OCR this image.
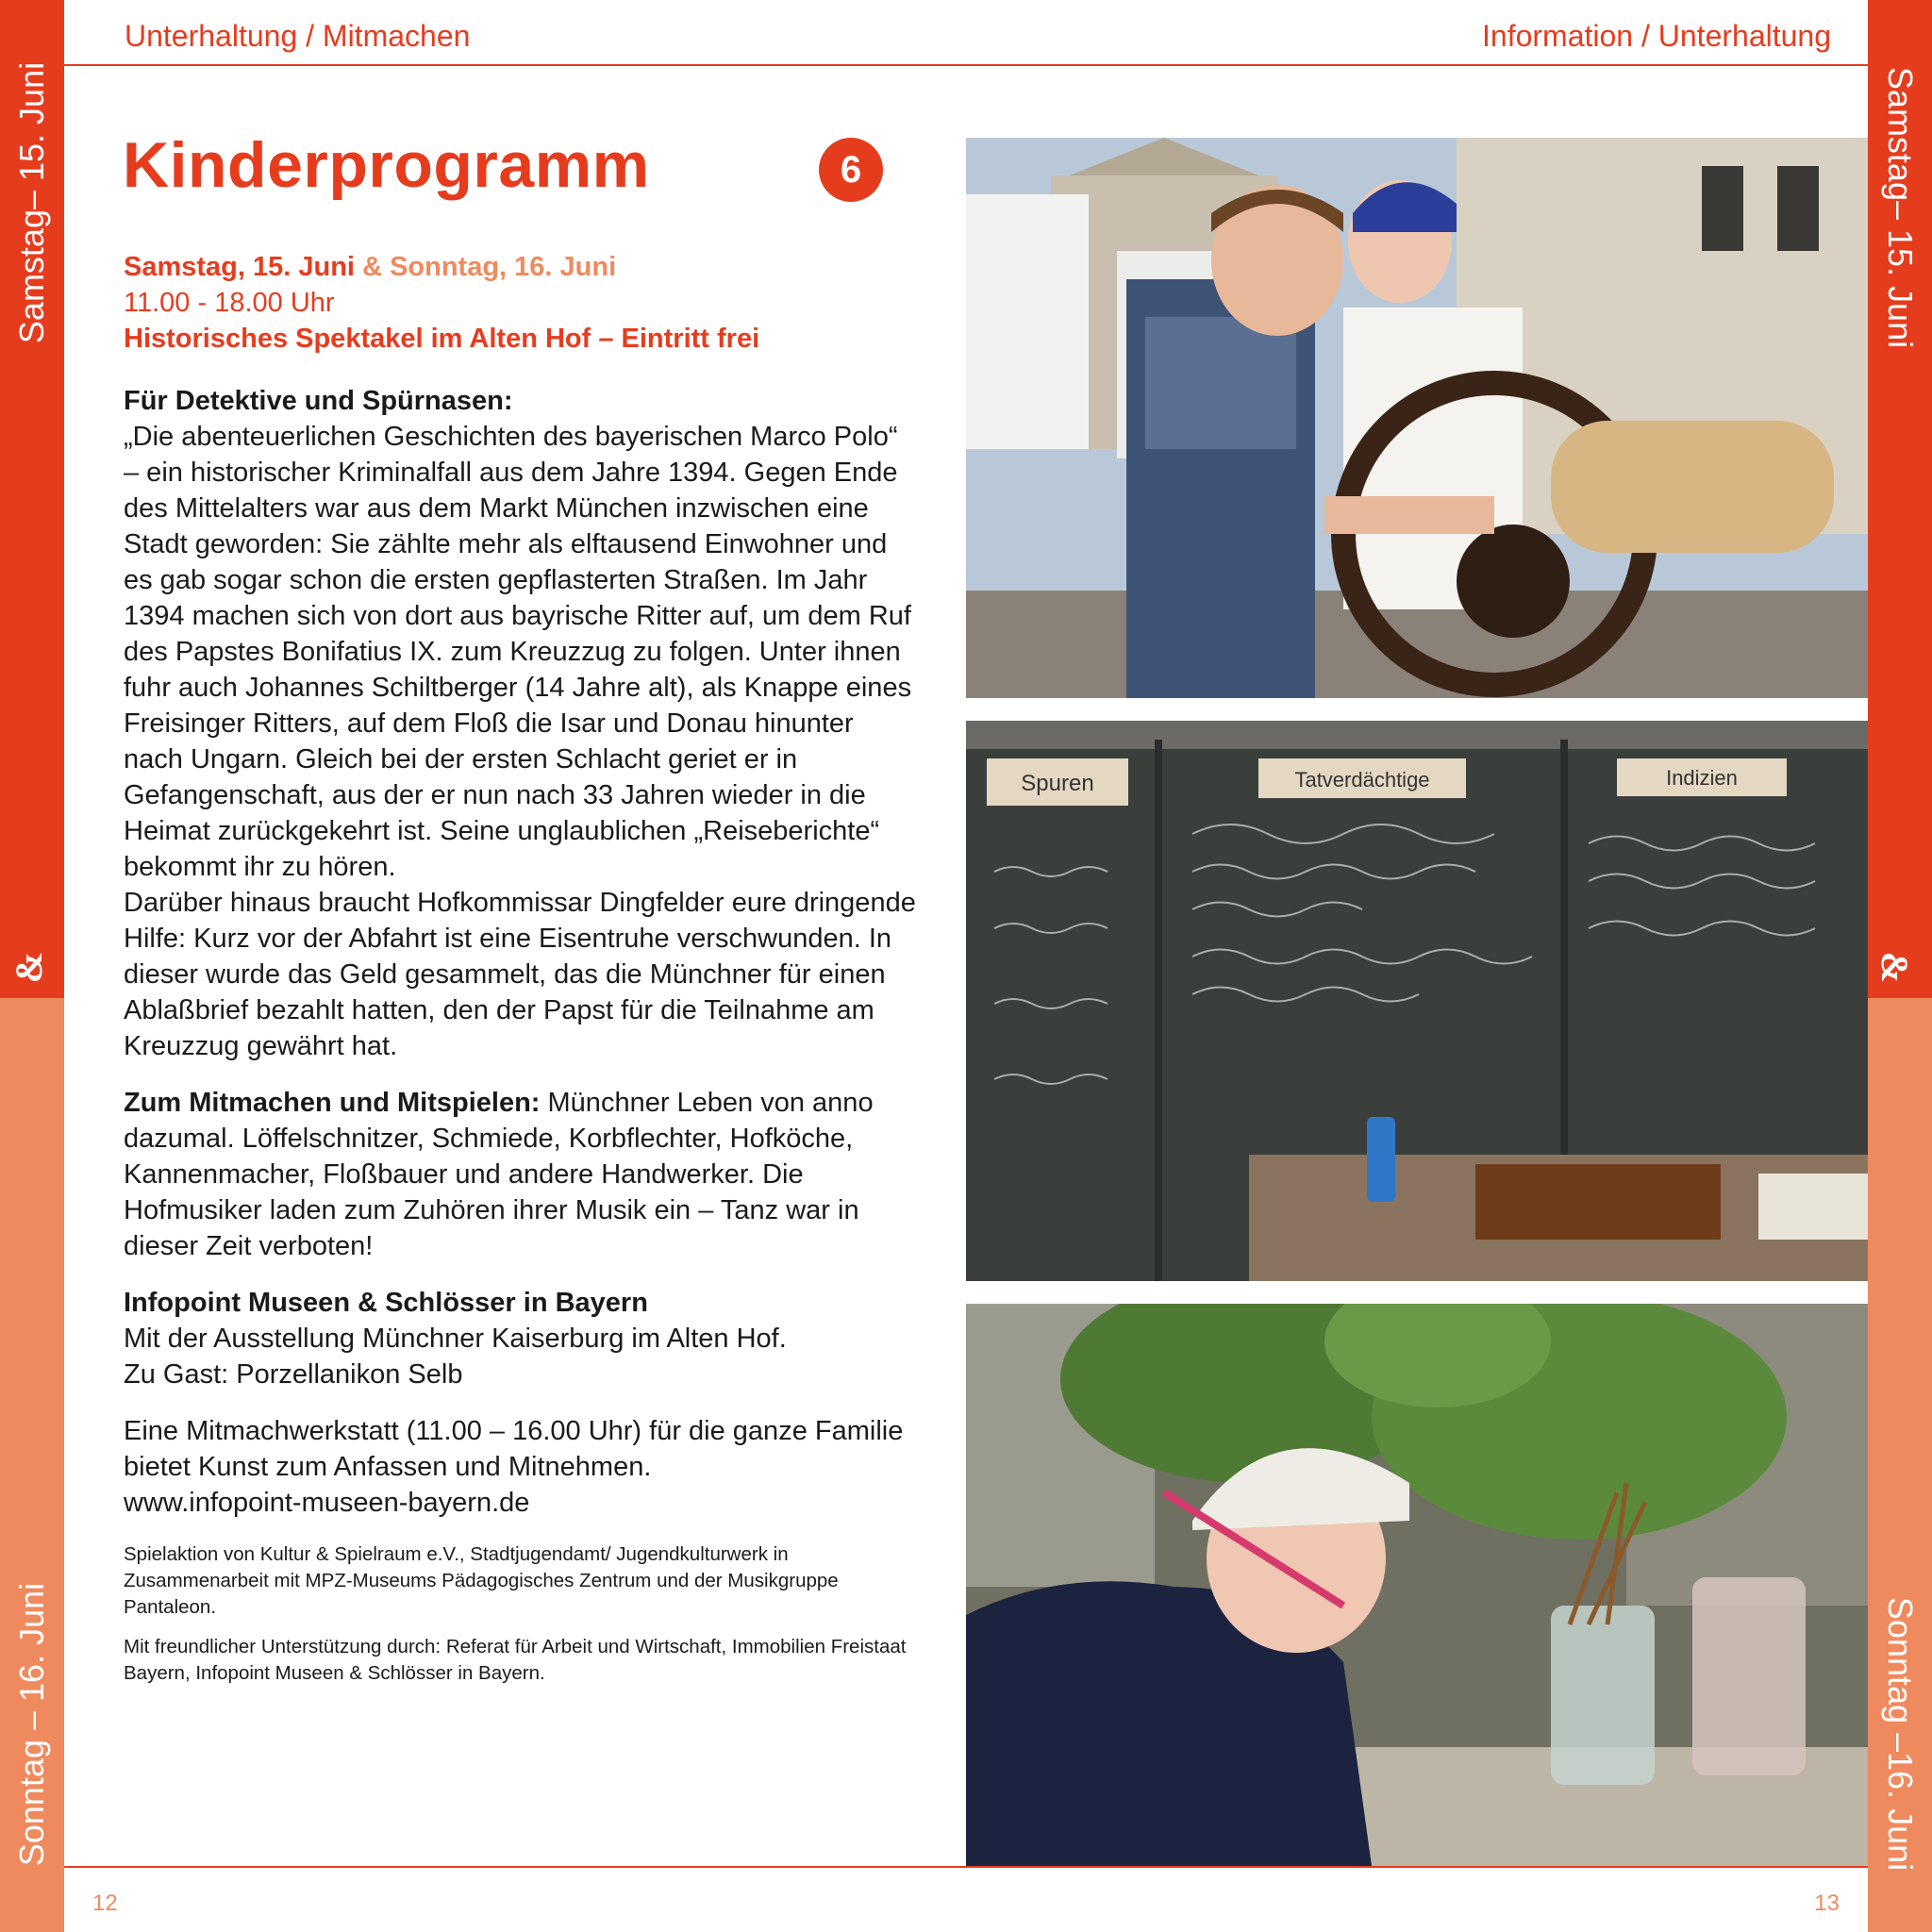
Samstag– 15. Juni
Sonntag – 16. Juni
Samstag– 15. Juni
Sonntag –16. Juni
&	&
Unterhaltung / Mitmachen	Information / Unterhaltung
Kinderprogramm	6
Samstag, 15. Juni & Sonntag, 16. Juni
11.00 - 18.00 Uhr
Historisches Spektakel im Alten Hof – Eintritt frei

Für Detektive und Spürnasen:
„Die abenteuerlichen Geschichten des bayerischen Marco Polo“ – ein historischer Kriminalfall aus dem Jahre 1394. Gegen Ende des Mittelalters war aus dem Markt München inzwischen eine Stadt geworden: Sie zählte mehr als elftausend Einwohner und es gab sogar schon die ersten gepflasterten Straßen. Im Jahr 1394 machen sich von dort aus bayrische Ritter auf, um dem Ruf des Papstes Bonifatius IX. zum Kreuzzug zu folgen. Unter ihnen fuhr auch Johannes Schiltberger (14 Jahre alt), als Knappe eines Freisinger Ritters, auf dem Floß die Isar und Donau hinunter nach Ungarn. Gleich bei der ersten Schlacht geriet er in Gefangenschaft, aus der er nun nach 33 Jahren wieder in die Heimat zurückgekehrt ist. Seine unglaublichen „Reiseberichte“ bekommt ihr zu hören.
Darüber hinaus braucht Hofkommissar Dingfelder eure dringende Hilfe: Kurz vor der Abfahrt ist eine Eisentruhe verschwunden. In dieser wurde das Geld gesammelt, das die Münchner für einen Ablaßbrief bezahlt hatten, den der Papst für die Teilnahme am Kreuzzug gewährt hat.

Zum Mitmachen und Mitspielen: Münchner Leben von anno dazumal. Löffelschnitzer, Schmiede, Korbflechter, Hofköche, Kannenmacher, Floßbauer und andere Handwerker. Die Hofmusiker laden zum Zuhören ihrer Musik ein – Tanz war in dieser Zeit verboten!

Infopoint Museen & Schlösser in Bayern
Mit der Ausstellung Münchner Kaiserburg im Alten Hof.
Zu Gast: Porzellanikon Selb

Eine Mitmachwerkstatt (11.00 – 16.00 Uhr) für die ganze Familie bietet Kunst zum Anfassen und Mitnehmen.
www.infopoint-museen-bayern.de

Spielaktion von Kultur & Spielraum e.V., Stadtjugendamt/ Jugendkulturwerk in Zusammenarbeit mit MPZ-Museums Pädagogisches Zentrum und der Musikgruppe Pantaleon.

Mit freundlicher Unterstützung durch: Referat für Arbeit und Wirtschaft, Immobilien Freistaat Bayern, Infopoint Museen & Schlösser in Bayern.

Spuren	Tatverdächtige	Indizien
12	13
